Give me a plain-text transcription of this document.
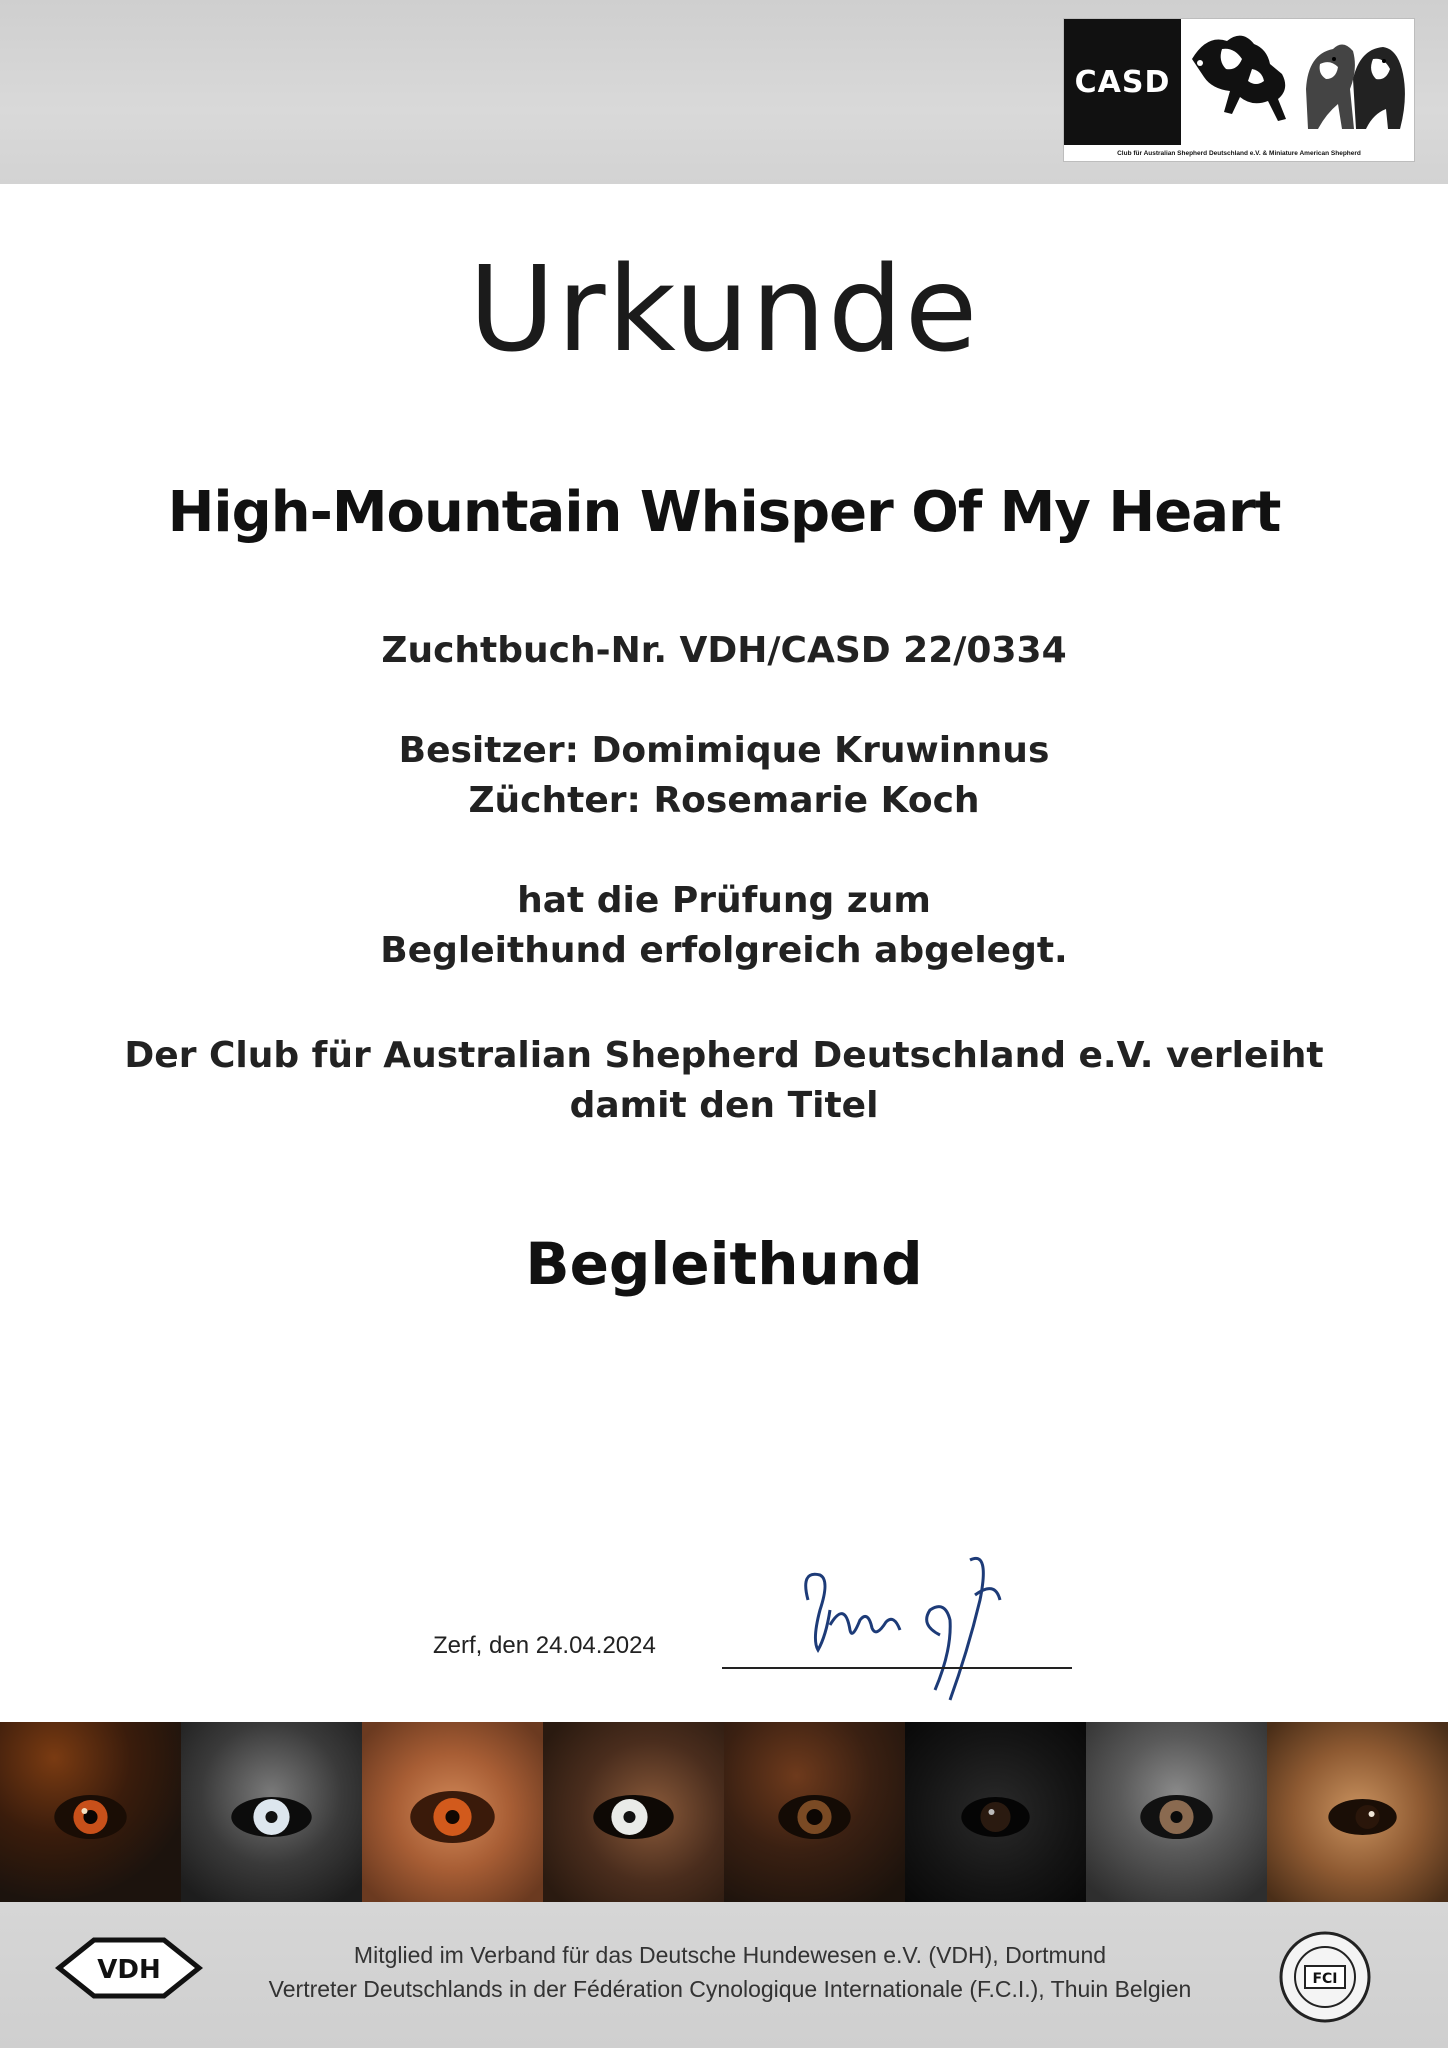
CASD
Club für Australian Shepherd Deutschland e.V. & Miniature American Shepherd
Urkunde
High-Mountain Whisper Of My Heart
Zuchtbuch-Nr. VDH/CASD 22/0334
Besitzer: Domimique Kruwinnus
Züchter: Rosemarie Koch
hat die Prüfung zum
Begleithund erfolgreich abgelegt.
Der Club für Australian Shepherd Deutschland e.V. verleiht
damit den Titel
Begleithund
Zerf, den 24.04.2024
VDH	Mitglied im Verband für das Deutsche Hundewesen e.V. (VDH), Dortmund
Vertreter Deutschlands in der Fédération Cynologique Internationale (F.C.I.), Thuin Belgien	FCI
